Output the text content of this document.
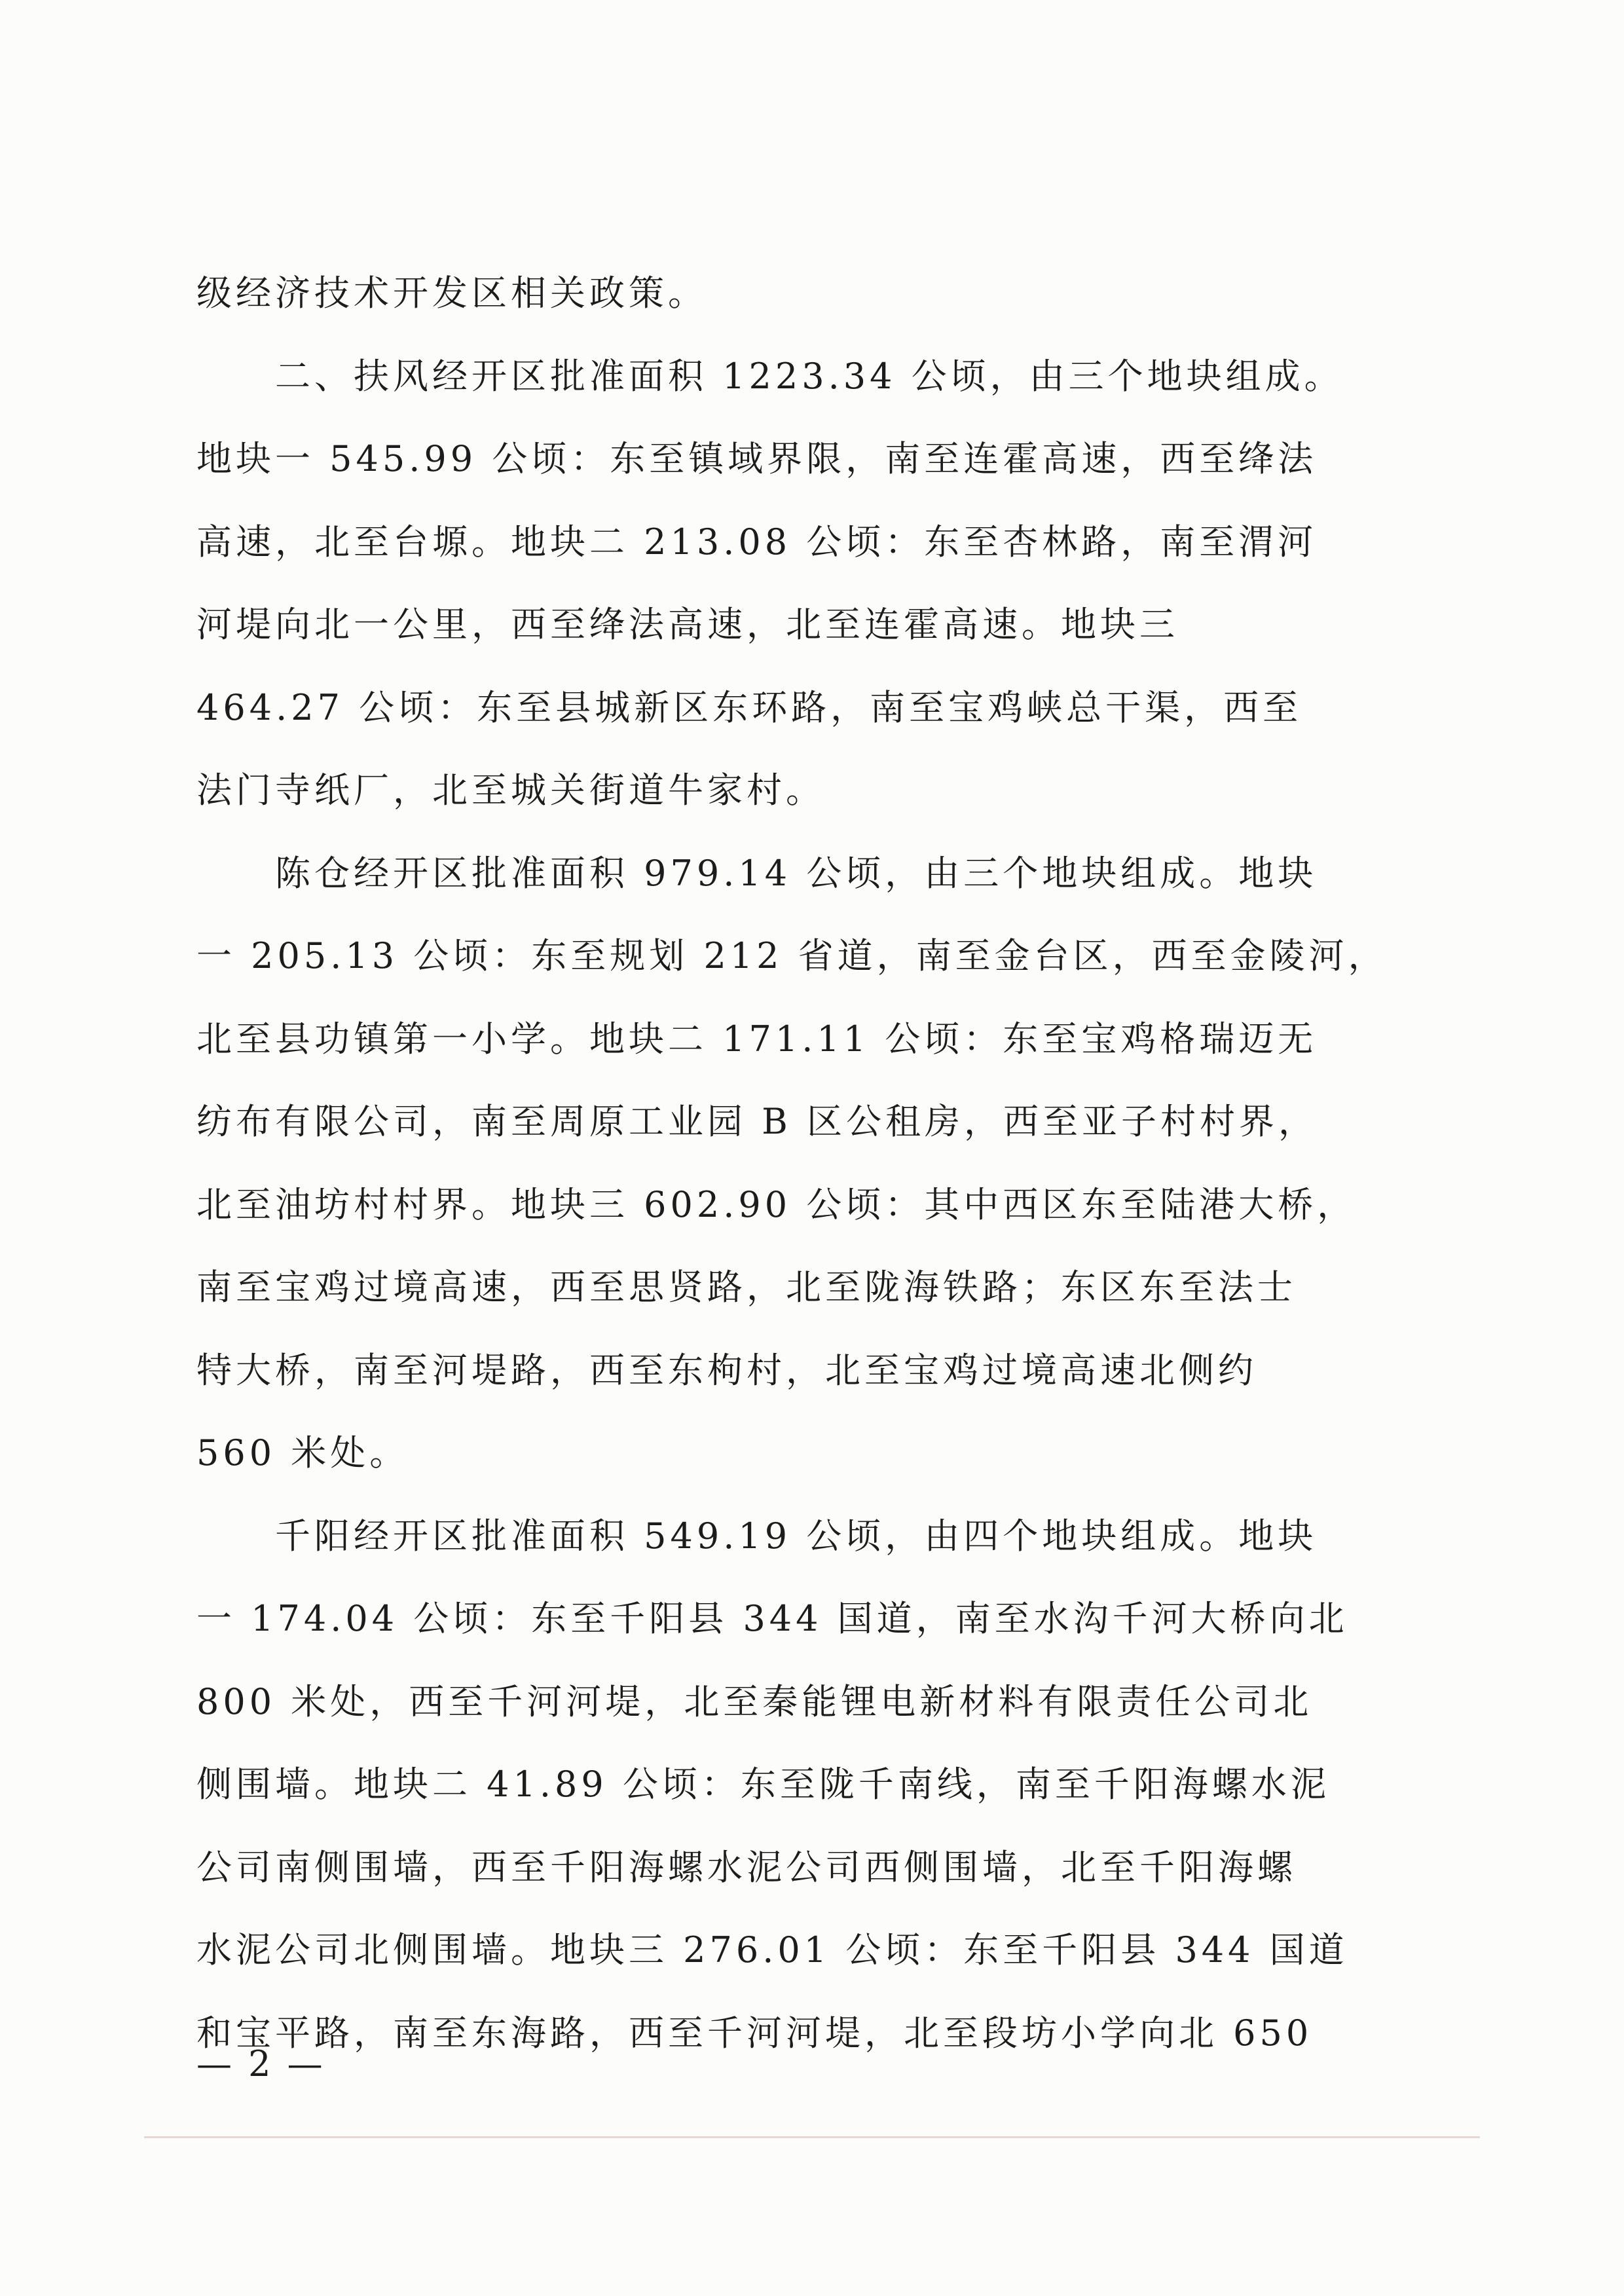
级经济技术开发区相关政策。
　　二、扶风经开区批准面积 1223.34 公顷，由三个地块组成。
地块一 545.99 公顷：东至镇域界限，南至连霍高速，西至绛法
高速，北至台塬。地块二 213.08 公顷：东至杏林路，南至渭河
河堤向北一公里，西至绛法高速，北至连霍高速。地块三
464.27 公顷：东至县城新区东环路，南至宝鸡峡总干渠，西至
法门寺纸厂，北至城关街道牛家村。
　　陈仓经开区批准面积 979.14 公顷，由三个地块组成。地块
一 205.13 公顷：东至规划 212 省道，南至金台区，西至金陵河，
北至县功镇第一小学。地块二 171.11 公顷：东至宝鸡格瑞迈无
纺布有限公司，南至周原工业园 B 区公租房，西至亚子村村界，
北至油坊村村界。地块三 602.90 公顷：其中西区东至陆港大桥，
南至宝鸡过境高速，西至思贤路，北至陇海铁路；东区东至法士
特大桥，南至河堤路，西至东枸村，北至宝鸡过境高速北侧约
560 米处。
　　千阳经开区批准面积 549.19 公顷，由四个地块组成。地块
一 174.04 公顷：东至千阳县 344 国道，南至水沟千河大桥向北
800 米处，西至千河河堤，北至秦能锂电新材料有限责任公司北
侧围墙。地块二 41.89 公顷：东至陇千南线，南至千阳海螺水泥
公司南侧围墙，西至千阳海螺水泥公司西侧围墙，北至千阳海螺
水泥公司北侧围墙。地块三 276.01 公顷：东至千阳县 344 国道
和宝平路，南至东海路，西至千河河堤，北至段坊小学向北 650
— 2 —
